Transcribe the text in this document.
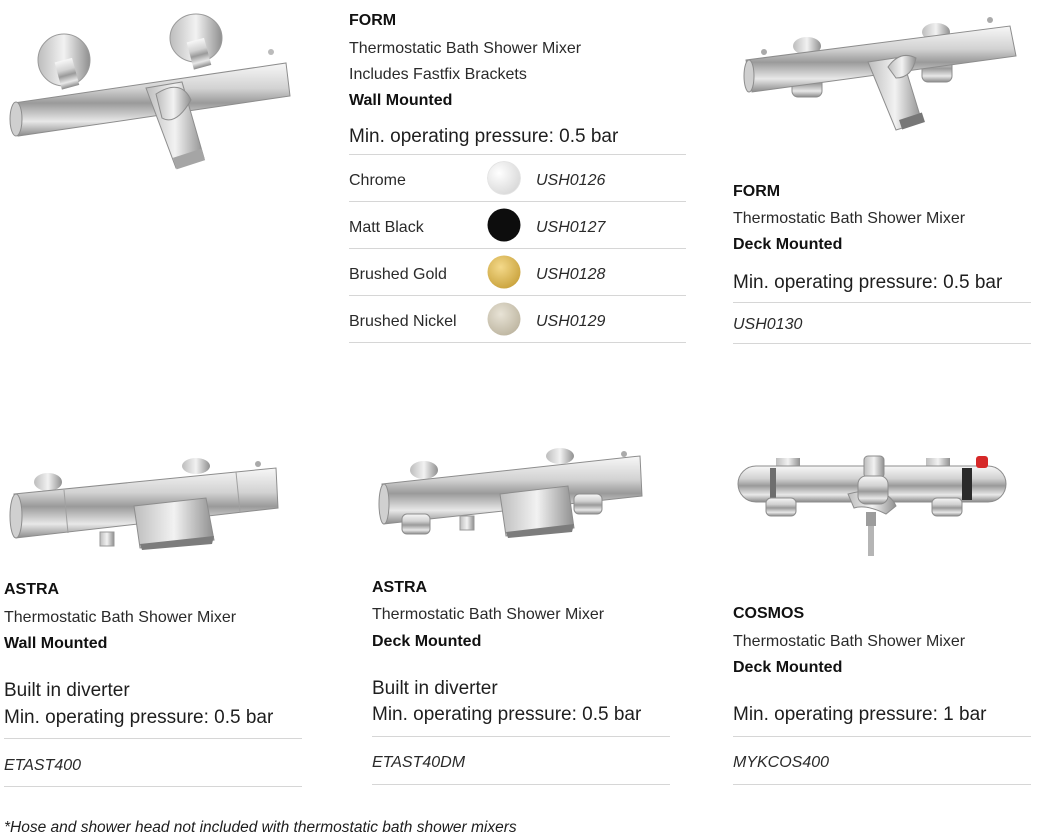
FORM
Thermostatic Bath Shower Mixer
Includes Fastfix Brackets
Wall Mounted
Min. operating pressure: 0.5 bar
Chrome	USH0126
Matt Black	USH0127
Brushed Gold	USH0128
Brushed Nickel	USH0129
FORM
Thermostatic Bath Shower Mixer
Deck Mounted
Min. operating pressure: 0.5 bar
USH0130
ASTRA
Thermostatic Bath Shower Mixer
Wall Mounted
Built in diverter
Min. operating pressure: 0.5 bar
ETAST400
ASTRA
Thermostatic Bath Shower Mixer
Deck Mounted
Built in diverter
Min. operating pressure: 0.5 bar
ETAST40DM
COSMOS
Thermostatic Bath Shower Mixer
Deck Mounted
Min. operating pressure: 1 bar
MYKCOS400
*Hose and shower head not included with thermostatic bath shower mixers
